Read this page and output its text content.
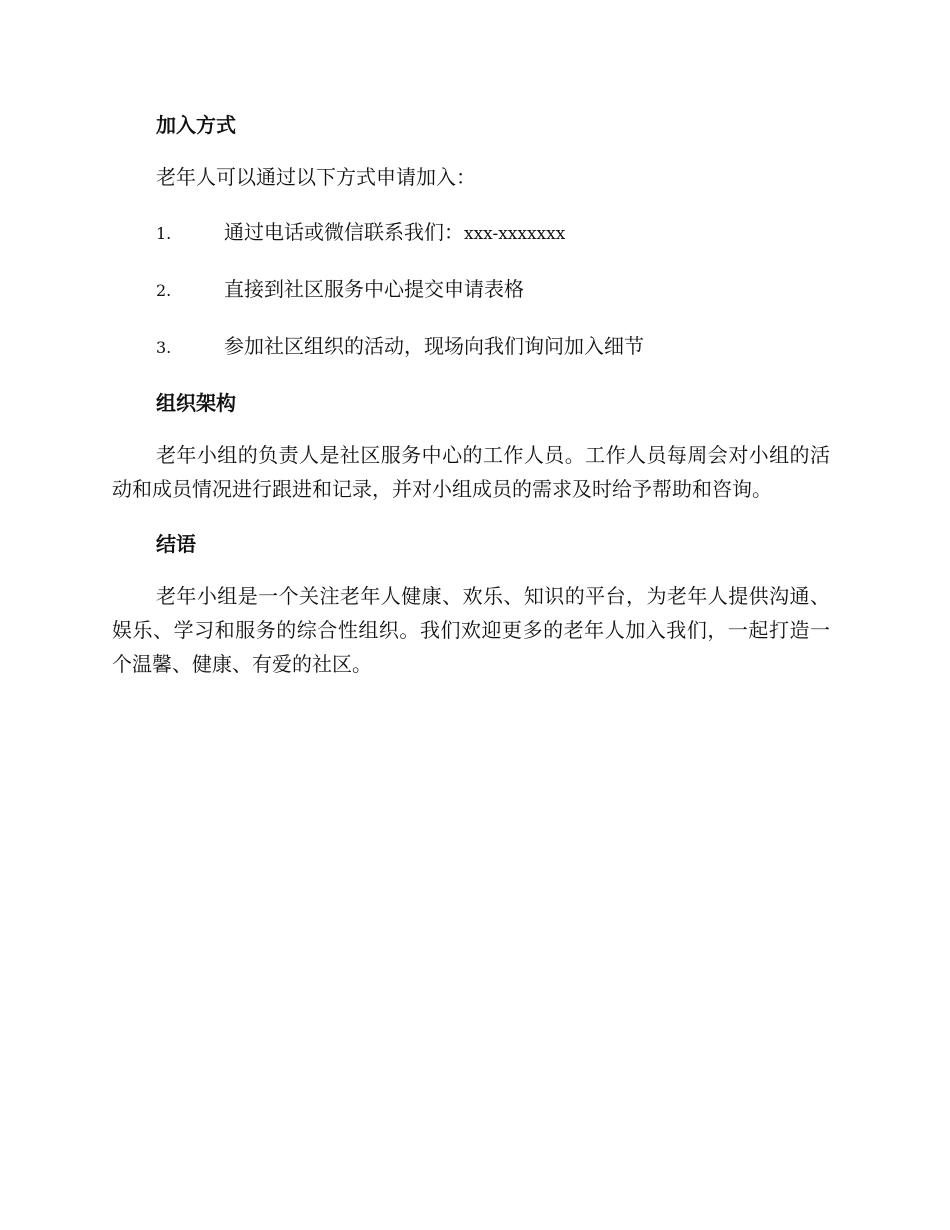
加入方式
老年人可以通过以下方式申请加入：
1.	通过电话或微信联系我们：xxx-xxxxxxx
2.	直接到社区服务中心提交申请表格
3.	参加社区组织的活动，现场向我们询问加入细节
组织架构
老年小组的负责人是社区服务中心的工作人员。工作人员每周会对小组的活动和成员情况进行跟进和记录，并对小组成员的需求及时给予帮助和咨询。
结语
老年小组是一个关注老年人健康、欢乐、知识的平台，为老年人提供沟通、娱乐、学习和服务的综合性组织。我们欢迎更多的老年人加入我们，一起打造一个温馨、健康、有爱的社区。
